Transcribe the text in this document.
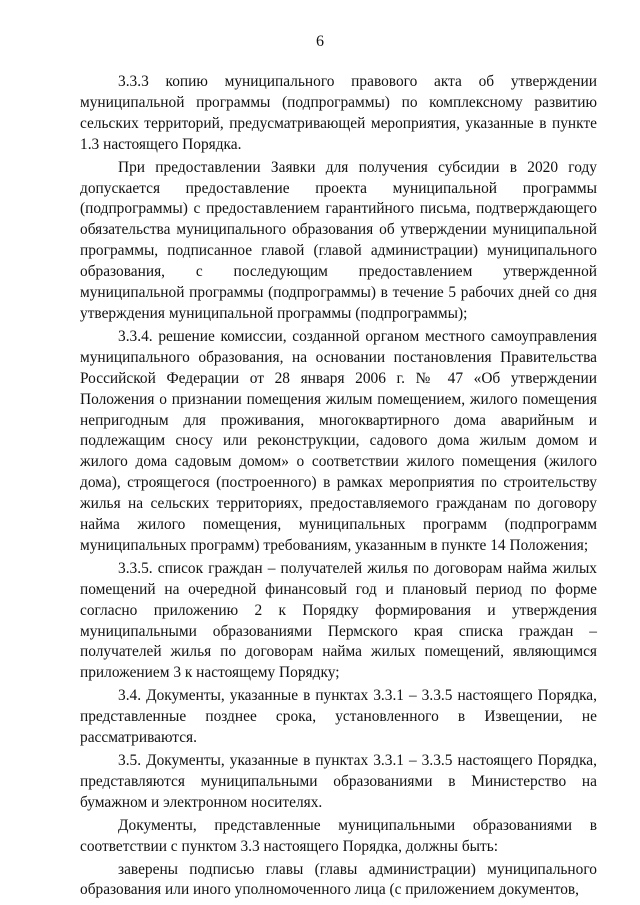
6

3.3.3 копию муниципального правового акта об утверждении муниципальной программы (подпрограммы) по комплексному развитию сельских территорий, предусматривающей мероприятия, указанные в пункте 1.3 настоящего Порядка.

При предоставлении Заявки для получения субсидии в 2020 году допускается предоставление проекта муниципальной программы (подпрограммы) с предоставлением гарантийного письма, подтверждающего обязательства муниципального образования об утверждении муниципальной программы, подписанное главой (главой администрации) муниципального образования, с последующим предоставлением утвержденной муниципальной программы (подпрограммы) в течение 5 рабочих дней со дня утверждения муниципальной программы (подпрограммы);

3.3.4. решение комиссии, созданной органом местного самоуправления муниципального образования, на основании постановления Правительства Российской Федерации от 28 января 2006 г. № 47 «Об утверждении Положения о признании помещения жилым помещением, жилого помещения непригодным для проживания, многоквартирного дома аварийным и подлежащим сносу или реконструкции, садового дома жилым домом и жилого дома садовым домом» о соответствии жилого помещения (жилого дома), строящегося (построенного) в рамках мероприятия по строительству жилья на сельских территориях, предоставляемого гражданам по договору найма жилого помещения, муниципальных программ (подпрограмм муниципальных программ) требованиям, указанным в пункте 14 Положения;

3.3.5. список граждан – получателей жилья по договорам найма жилых помещений на очередной финансовый год и плановый период по форме согласно приложению 2 к Порядку формирования и утверждения муниципальными образованиями Пермского края списка граждан – получателей жилья по договорам найма жилых помещений, являющимся приложением 3 к настоящему Порядку;

3.4. Документы, указанные в пунктах 3.3.1 – 3.3.5 настоящего Порядка, представленные позднее срока, установленного в Извещении, не рассматриваются.

3.5. Документы, указанные в пунктах 3.3.1 – 3.3.5 настоящего Порядка, представляются муниципальными образованиями в Министерство на бумажном и электронном носителях.

Документы, представленные муниципальными образованиями в соответствии с пунктом 3.3 настоящего Порядка, должны быть:

заверены подписью главы (главы администрации) муниципального образования или иного уполномоченного лица (с приложением документов,
